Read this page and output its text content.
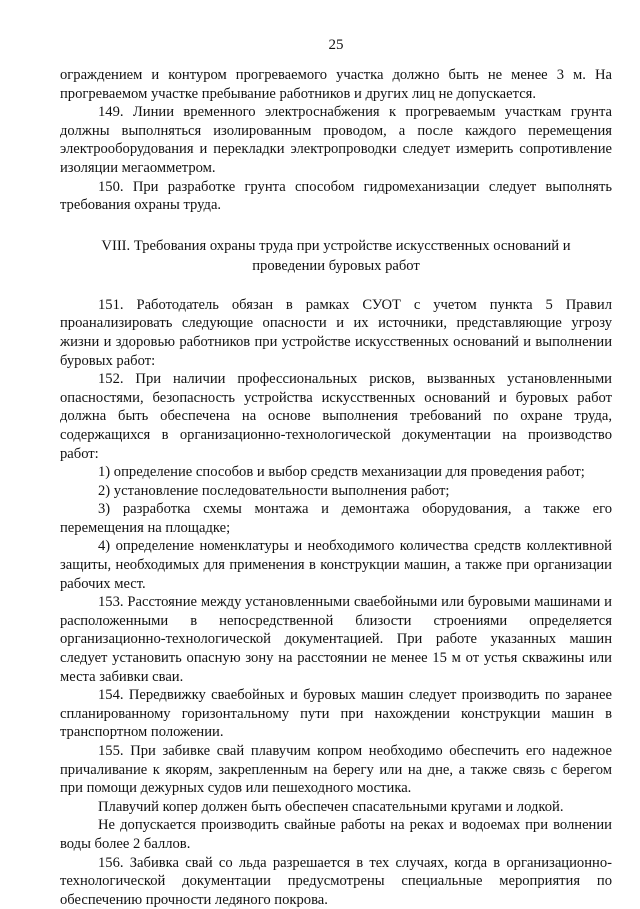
25

ограждением и контуром прогреваемого участка должно быть не менее 3 м. На прогреваемом участке пребывание работников и других лиц не допускается.

149. Линии временного электроснабжения к прогреваемым участкам грунта должны выполняться изолированным проводом, а после каждого перемещения электрооборудования и перекладки электропроводки следует измерить сопротивление изоляции мегаомметром.

150. При разработке грунта способом гидромеханизации следует выполнять требования охраны труда.

VIII. Требования охраны труда при устройстве искусственных оснований и
проведении буровых работ

151. Работодатель обязан в рамках СУОТ с учетом пункта 5 Правил проанализировать следующие опасности и их источники, представляющие угрозу жизни и здоровью работников при устройстве искусственных оснований и выполнении буровых работ:

152. При наличии профессиональных рисков, вызванных установленными опасностями, безопасность устройства искусственных оснований и буровых работ должна быть обеспечена на основе выполнения требований по охране труда, содержащихся в организационно-технологической документации на производство работ:

1) определение способов и выбор средств механизации для проведения работ;

2) установление последовательности выполнения работ;

3) разработка схемы монтажа и демонтажа оборудования, а также его перемещения на площадке;

4) определение номенклатуры и необходимого количества средств коллективной защиты, необходимых для применения в конструкции машин, а также при организации рабочих мест.

153. Расстояние между установленными сваебойными или буровыми машинами и расположенными в непосредственной близости строениями определяется организационно-технологической документацией. При работе указанных машин следует установить опасную зону на расстоянии не менее 15 м от устья скважины или места забивки сваи.

154. Передвижку сваебойных и буровых машин следует производить по заранее спланированному горизонтальному пути при нахождении конструкции машин в транспортном положении.

155. При забивке свай плавучим копром необходимо обеспечить его надежное причаливание к якорям, закрепленным на берегу или на дне, а также связь с берегом при помощи дежурных судов или пешеходного мостика.

Плавучий копер должен быть обеспечен спасательными кругами и лодкой.

Не допускается производить свайные работы на реках и водоемах при волнении воды более 2 баллов.

156. Забивка свай со льда разрешается в тех случаях, когда в организационно-технологической документации предусмотрены специальные мероприятия по обеспечению прочности ледяного покрова.
